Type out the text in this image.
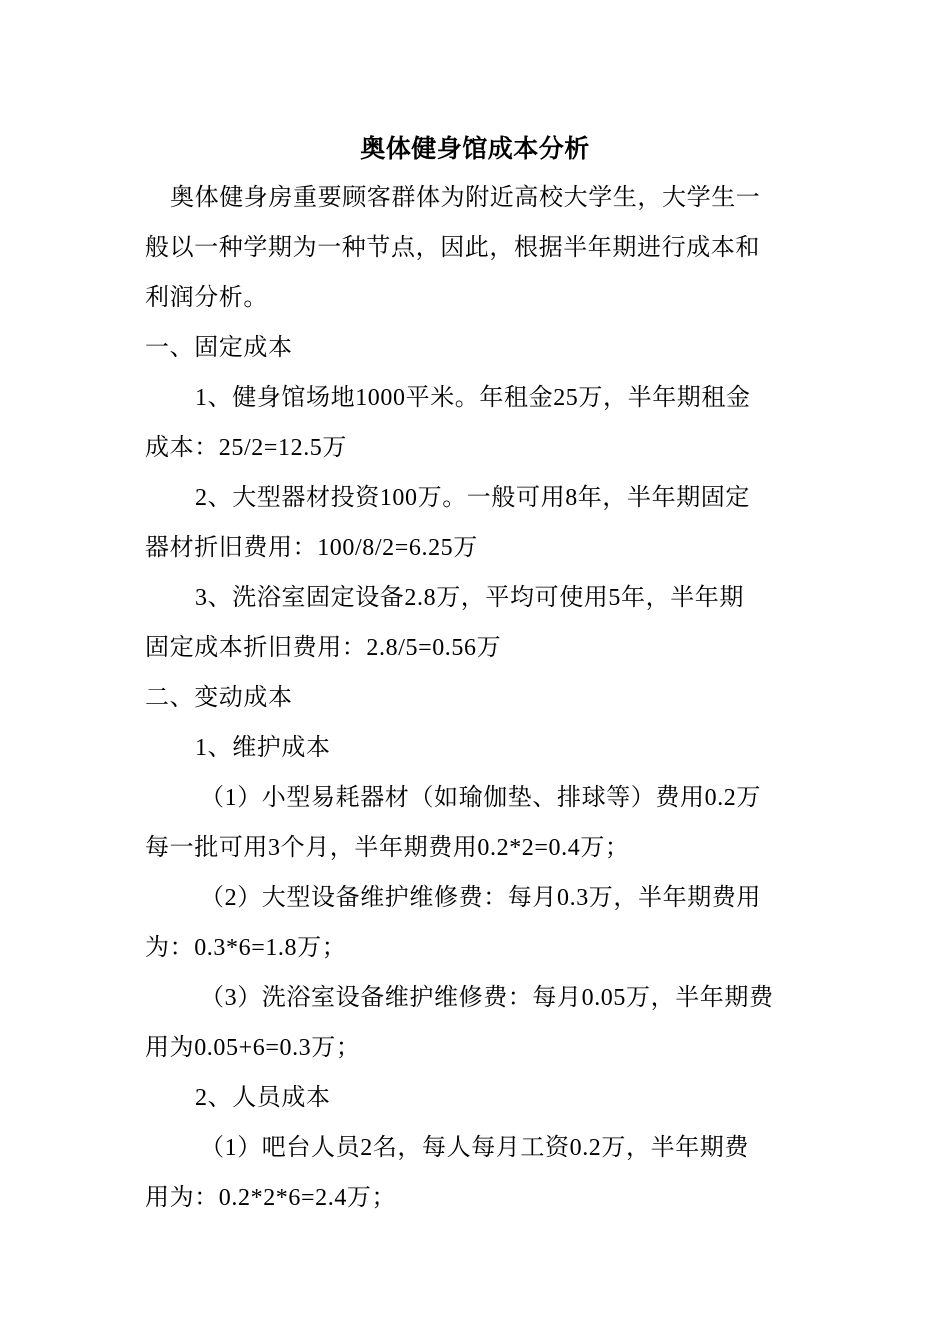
奥体健身馆成本分析
奥体健身房重要顾客群体为附近高校大学生，大学生一
般以一种学期为一种节点，因此，根据半年期进行成本和
利润分析。
一、固定成本
1、健身馆场地1000平米。年租金25万，半年期租金
成本：25/2=12.5万
2、大型器材投资100万。一般可用8年，半年期固定
器材折旧费用：100/8/2=6.25万
3、洗浴室固定设备2.8万，平均可使用5年，半年期
固定成本折旧费用：2.8/5=0.56万
二、变动成本
1、维护成本
（1）小型易耗器材（如瑜伽垫、排球等）费用0.2万
每一批可用3个月，半年期费用0.2*2=0.4万；
（2）大型设备维护维修费：每月0.3万，半年期费用
为：0.3*6=1.8万；
（3）洗浴室设备维护维修费：每月0.05万，半年期费
用为0.05+6=0.3万；
2、人员成本
（1）吧台人员2名，每人每月工资0.2万，半年期费
用为：0.2*2*6=2.4万；
